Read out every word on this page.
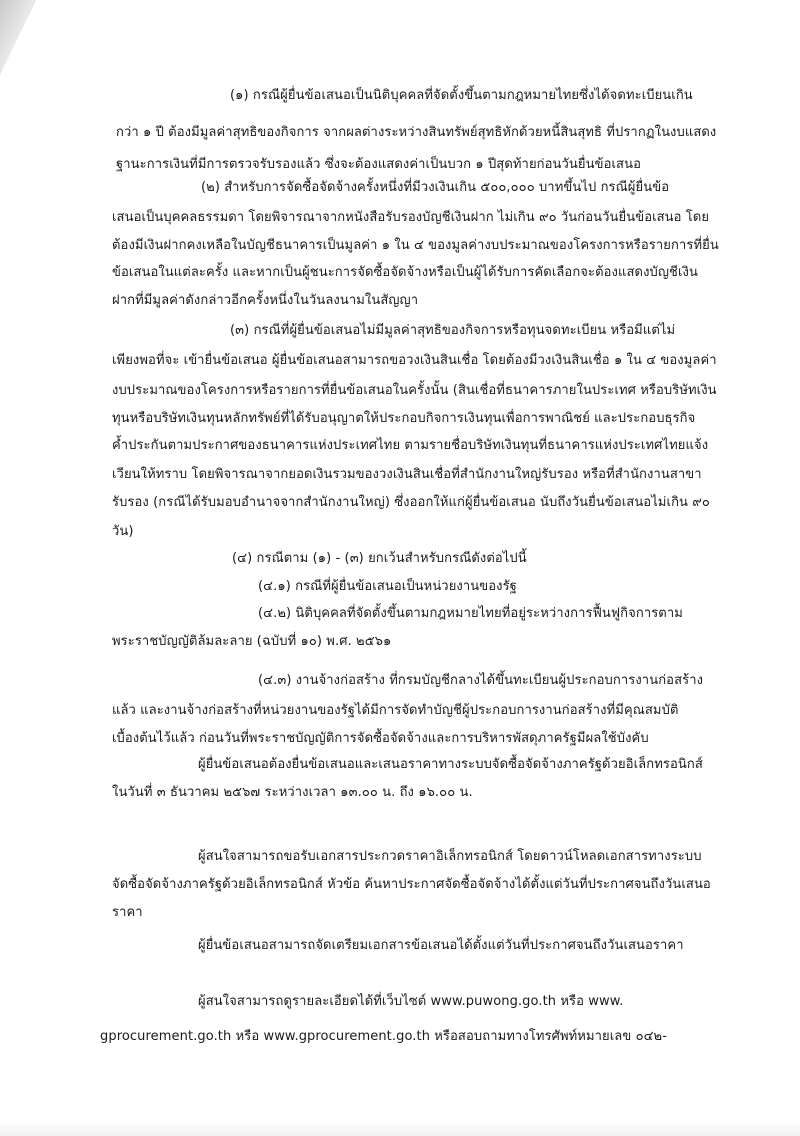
(๑) กรณีผู้ยื่นข้อเสนอเป็นนิติบุคคลที่จัดตั้งขึ้นตามกฎหมายไทยซึ่งได้จดทะเบียนเกิน
กว่า ๑ ปี ต้องมีมูลค่าสุทธิของกิจการ จากผลต่างระหว่างสินทรัพย์สุทธิหักด้วยหนี้สินสุทธิ ที่ปรากฏในงบแสดง
ฐานะการเงินที่มีการตรวจรับรองแล้ว ซึ่งจะต้องแสดงค่าเป็นบวก ๑ ปีสุดท้ายก่อนวันยื่นข้อเสนอ
(๒) สำหรับการจัดซื้อจัดจ้างครั้งหนึ่งที่มีวงเงินเกิน ๕๐๐,๐๐๐ บาทขึ้นไป กรณีผู้ยื่นข้อ
เสนอเป็นบุคคลธรรมดา โดยพิจารณาจากหนังสือรับรองบัญชีเงินฝาก ไม่เกิน ๙๐ วันก่อนวันยื่นข้อเสนอ โดย
ต้องมีเงินฝากคงเหลือในบัญชีธนาคารเป็นมูลค่า ๑ ใน ๔ ของมูลค่างบประมาณของโครงการหรือรายการที่ยื่น
ข้อเสนอในแต่ละครั้ง และหากเป็นผู้ชนะการจัดซื้อจัดจ้างหรือเป็นผู้ได้รับการคัดเลือกจะต้องแสดงบัญชีเงิน
ฝากที่มีมูลค่าดังกล่าวอีกครั้งหนึ่งในวันลงนามในสัญญา
(๓) กรณีที่ผู้ยื่นข้อเสนอไม่มีมูลค่าสุทธิของกิจการหรือทุนจดทะเบียน หรือมีแต่ไม่
เพียงพอที่จะ เข้ายื่นข้อเสนอ ผู้ยื่นข้อเสนอสามารถขอวงเงินสินเชื่อ โดยต้องมีวงเงินสินเชื่อ ๑ ใน ๔ ของมูลค่า
งบประมาณของโครงการหรือรายการที่ยื่นข้อเสนอในครั้งนั้น (สินเชื่อที่ธนาคารภายในประเทศ หรือบริษัทเงิน
ทุนหรือบริษัทเงินทุนหลักทรัพย์ที่ได้รับอนุญาตให้ประกอบกิจการเงินทุนเพื่อการพาณิชย์ และประกอบธุรกิจ
ค้ำประกันตามประกาศของธนาคารแห่งประเทศไทย ตามรายชื่อบริษัทเงินทุนที่ธนาคารแห่งประเทศไทยแจ้ง
เวียนให้ทราบ โดยพิจารณาจากยอดเงินรวมของวงเงินสินเชื่อที่สำนักงานใหญ่รับรอง หรือที่สำนักงานสาขา
รับรอง (กรณีได้รับมอบอำนาจจากสำนักงานใหญ่) ซึ่งออกให้แก่ผู้ยื่นข้อเสนอ นับถึงวันยื่นข้อเสนอไม่เกิน ๙๐
วัน)
(๔) กรณีตาม (๑) - (๓) ยกเว้นสำหรับกรณีดังต่อไปนี้
(๔.๑) กรณีที่ผู้ยื่นข้อเสนอเป็นหน่วยงานของรัฐ
(๔.๒) นิติบุคคลที่จัดตั้งขึ้นตามกฎหมายไทยที่อยู่ระหว่างการฟื้นฟูกิจการตาม
พระราชบัญญัติล้มละลาย (ฉบับที่ ๑๐) พ.ศ. ๒๕๖๑
(๔.๓) งานจ้างก่อสร้าง ที่กรมบัญชีกลางได้ขึ้นทะเบียนผู้ประกอบการงานก่อสร้าง
แล้ว และงานจ้างก่อสร้างที่หน่วยงานของรัฐได้มีการจัดทำบัญชีผู้ประกอบการงานก่อสร้างที่มีคุณสมบัติ
เบื้องต้นไว้แล้ว ก่อนวันที่พระราชบัญญัติการจัดซื้อจัดจ้างและการบริหารพัสดุภาครัฐมีผลใช้บังคับ
ผู้ยื่นข้อเสนอต้องยื่นข้อเสนอและเสนอราคาทางระบบจัดซื้อจัดจ้างภาครัฐด้วยอิเล็กทรอนิกส์
ในวันที่ ๓ ธันวาคม ๒๕๖๗ ระหว่างเวลา ๑๓.๐๐ น. ถึง ๑๖.๐๐ น.
ผู้สนใจสามารถขอรับเอกสารประกวดราคาอิเล็กทรอนิกส์ โดยดาวน์โหลดเอกสารทางระบบ
จัดซื้อจัดจ้างภาครัฐด้วยอิเล็กทรอนิกส์ หัวข้อ ค้นหาประกาศจัดซื้อจัดจ้างได้ตั้งแต่วันที่ประกาศจนถึงวันเสนอ
ราคา
ผู้ยื่นข้อเสนอสามารถจัดเตรียมเอกสารข้อเสนอได้ตั้งแต่วันที่ประกาศจนถึงวันเสนอราคา
ผู้สนใจสามารถดูรายละเอียดได้ที่เว็บไซต์ www.puwong.go.th หรือ www.
gprocurement.go.th หรือ www.gprocurement.go.th หรือสอบถามทางโทรศัพท์หมายเลข ๐๔๒-
